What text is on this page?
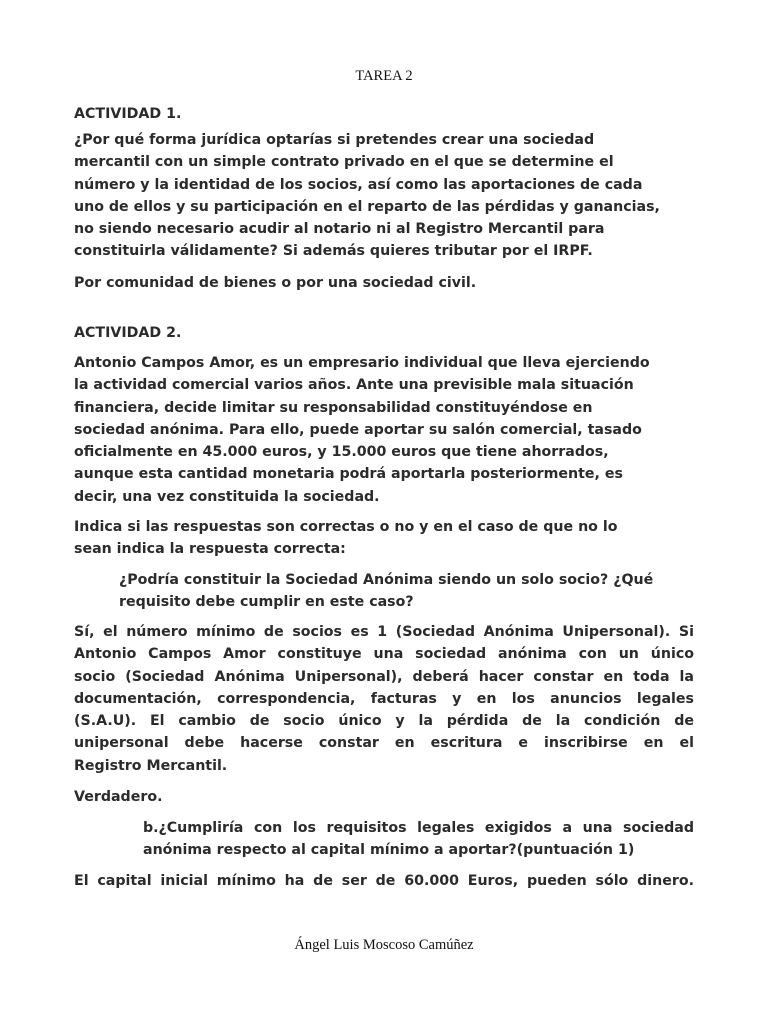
TAREA 2

ACTIVIDAD 1.

¿Por qué forma jurídica optarías si pretendes crear una sociedad

mercantil con un simple contrato privado en el que se determine el

número y la identidad de los socios, así como las aportaciones de cada

uno de ellos y su participación en el reparto de las pérdidas y ganancias,

no siendo necesario acudir al notario ni al Registro Mercantil para

constituirla válidamente? Si además quieres tributar por el IRPF.

Por comunidad de bienes o por una sociedad civil.

ACTIVIDAD 2.

Antonio Campos Amor, es un empresario individual que lleva ejerciendo

la actividad comercial varios años. Ante una previsible mala situación

financiera, decide limitar su responsabilidad constituyéndose en

sociedad anónima. Para ello, puede aportar su salón comercial, tasado

oficialmente en 45.000 euros, y 15.000 euros que tiene ahorrados,

aunque esta cantidad monetaria podrá aportarla posteriormente, es

decir, una vez constituida la sociedad.

Indica si las respuestas son correctas o no y en el caso de que no lo

sean indica la respuesta correcta:

¿Podría constituir la Sociedad Anónima siendo un solo socio? ¿Qué

requisito debe cumplir en este caso?

Sí, el número mínimo de socios es 1 (Sociedad Anónima Unipersonal). Si

Antonio Campos Amor constituye una sociedad anónima con un único

socio (Sociedad Anónima Unipersonal), deberá hacer constar en toda la

documentación, correspondencia, facturas y en los anuncios legales

(S.A.U). El cambio de socio único y la pérdida de la condición de

unipersonal debe hacerse constar en escritura e inscribirse en el

Registro Mercantil.

Verdadero.

b.¿Cumpliría con los requisitos legales exigidos a una sociedad

anónima respecto al capital mínimo a aportar?(puntuación 1)

El capital inicial mínimo ha de ser de 60.000 Euros, pueden sólo dinero.

Ángel Luis Moscoso Camúñez
